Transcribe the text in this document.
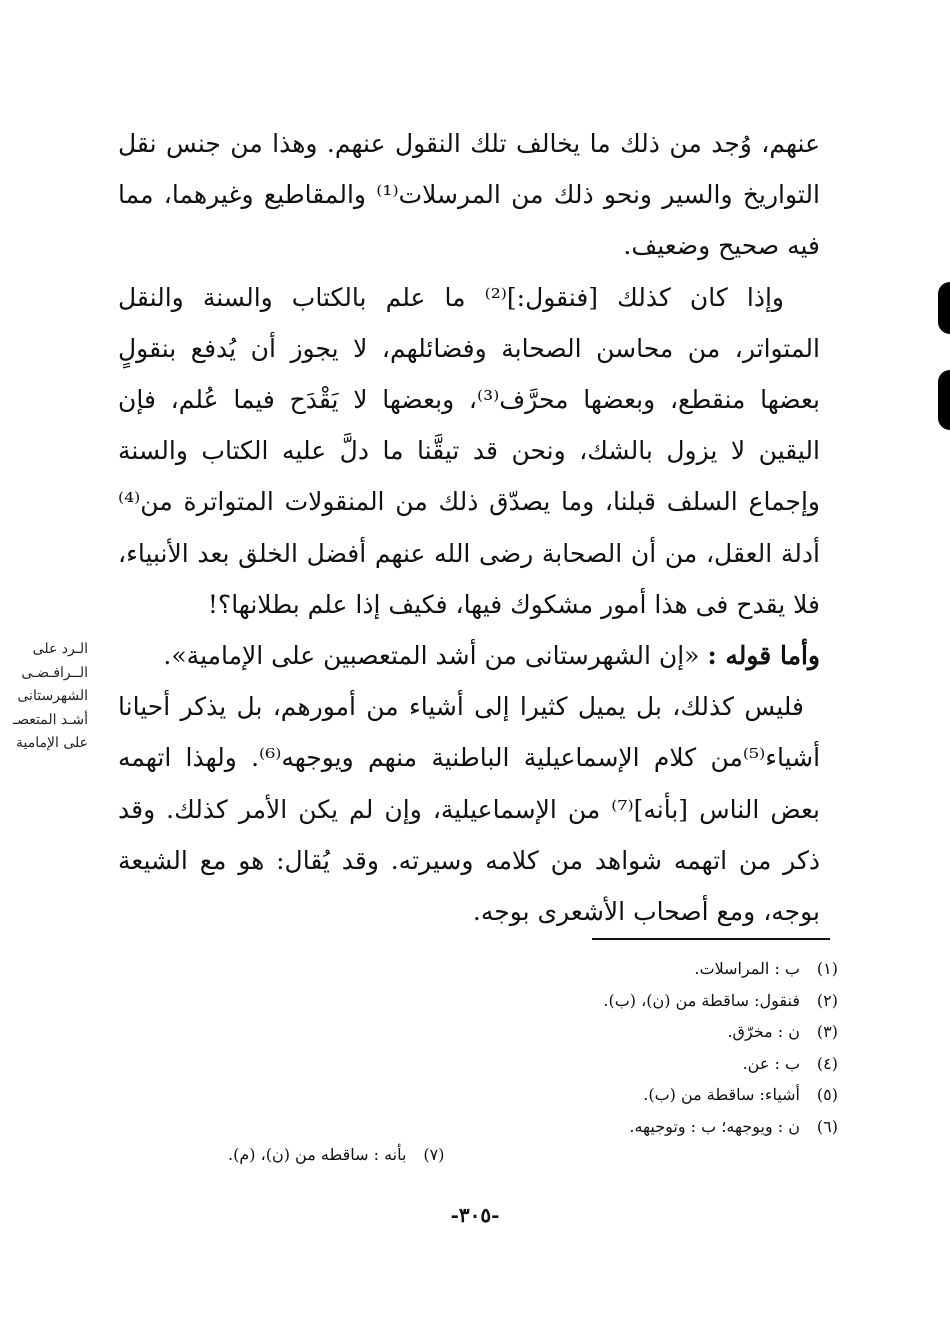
عنهم، وُجد من ذلك ما يخالف تلك النقول عنهم. وهذا من جنس نقل التواريخ والسير ونحو ذلك من المرسلات⁽¹⁾ والمقاطيع وغيرهما، مما فيه صحيح وضعيف.

وإذا كان كذلك [فنقول:]⁽²⁾ ما علم بالكتاب والسنة والنقل المتواتر، من محاسن الصحابة وفضائلهم، لا يجوز أن يُدفع بنقولٍ بعضها منقطع، وبعضها محرَّف⁽³⁾، وبعضها لا يَقْدَح فيما عُلم، فإن اليقين لا يزول بالشك، ونحن قد تيقَّنا ما دلَّ عليه الكتاب والسنة وإجماع السلف قبلنا، وما يصدّق ذلك من المنقولات المتواترة من⁽⁴⁾ أدلة العقل، من أن الصحابة رضى الله عنهم أفضل الخلق بعد الأنبياء، فلا يقدح فى هذا أمور مشكوك فيها، فكيف إذا علم بطلانها؟!

وأما قوله : «إن الشهرستانى من أشد المتعصبين على الإمامية».

فليس كذلك، بل يميل كثيرا إلى أشياء من أمورهم، بل يذكر أحيانا أشياء⁽⁵⁾من كلام الإسماعيلية الباطنية منهم ويوجهه⁽⁶⁾. ولهذا اتهمه بعض الناس [بأنه]⁽⁷⁾ من الإسماعيلية، وإن لم يكن الأمر كذلك. وقد ذكر من اتهمه شواهد من كلامه وسيرته. وقد يُقال: هو مع الشيعة بوجه، ومع أصحاب الأشعرى بوجه.

الـرد على
الــرافـضـى
الشهرستانى
أشـد المتعصـ
على الإمامية
(١)ب : المراسلات.
(٢)فنقول: ساقطة من (ن)، (ب).
(٣)ن : مخرّق.
(٤)ب : عن.
(٥)أشياء: ساقطة من (ب).
(٦)ن : ويوجهه؛ ب : وتوجيهه.
(٧)بأنه : ساقطه من (ن)، (م).
-٣٠٥-
